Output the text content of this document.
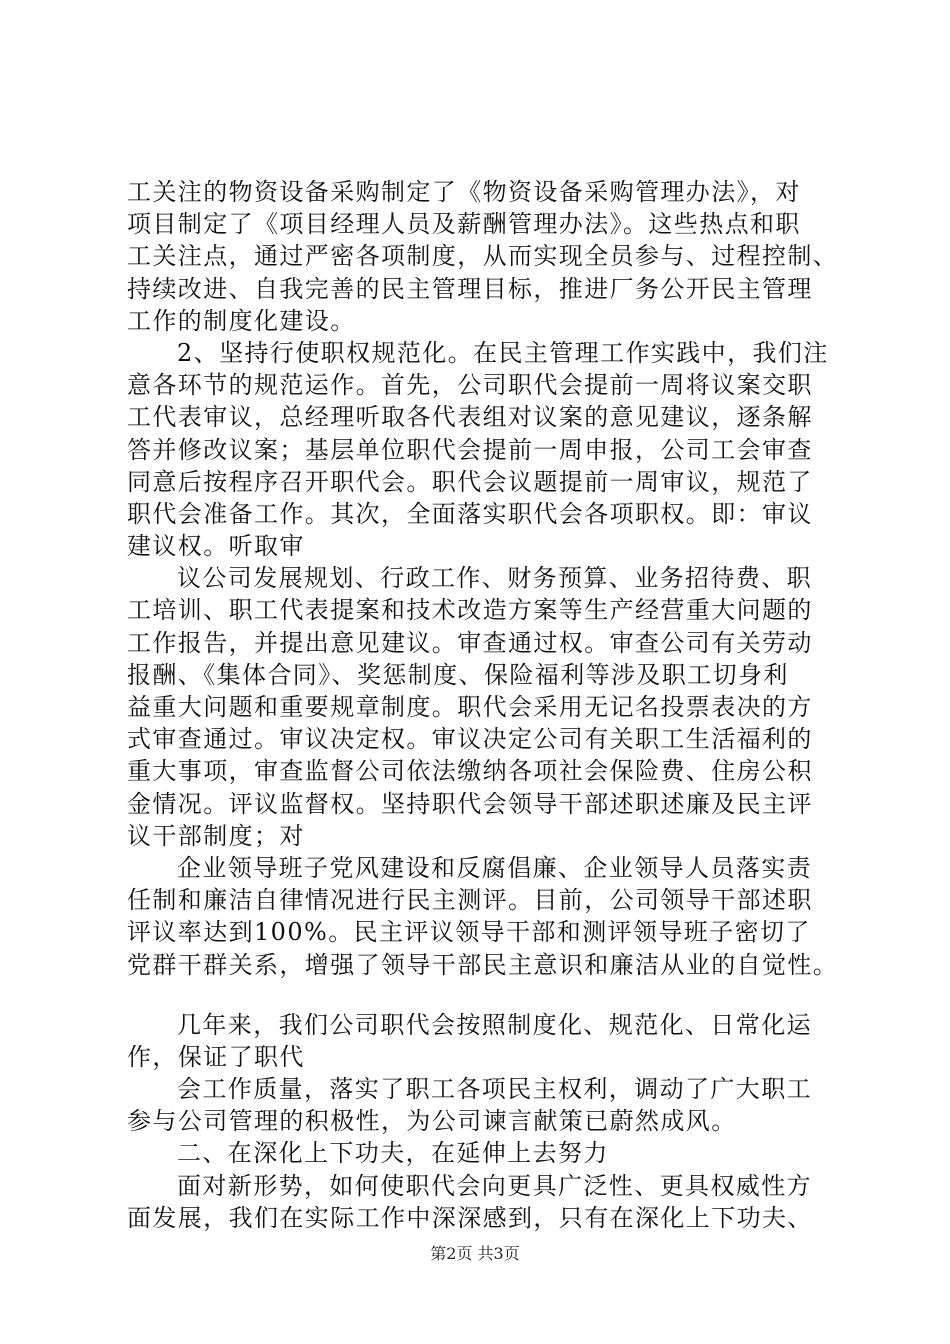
工关注的物资设备采购制定了《物资设备采购管理办法》，对
项目制定了《项目经理人员及薪酬管理办法》。这些热点和职
工关注点，通过严密各项制度，从而实现全员参与、过程控制、
持续改进、自我完善的民主管理目标，推进厂务公开民主管理
工作的制度化建设。
2、坚持行使职权规范化。在民主管理工作实践中，我们注
意各环节的规范运作。首先，公司职代会提前一周将议案交职
工代表审议，总经理听取各代表组对议案的意见建议，逐条解
答并修改议案；基层单位职代会提前一周申报，公司工会审查
同意后按程序召开职代会。职代会议题提前一周审议，规范了
职代会准备工作。其次，全面落实职代会各项职权。即：审议
建议权。听取审
议公司发展规划、行政工作、财务预算、业务招待费、职
工培训、职工代表提案和技术改造方案等生产经营重大问题的
工作报告，并提出意见建议。审查通过权。审查公司有关劳动
报酬、《集体合同》、奖惩制度、保险福利等涉及职工切身利
益重大问题和重要规章制度。职代会采用无记名投票表决的方
式审查通过。审议决定权。审议决定公司有关职工生活福利的
重大事项，审查监督公司依法缴纳各项社会保险费、住房公积
金情况。评议监督权。坚持职代会领导干部述职述廉及民主评
议干部制度；对
企业领导班子党风建设和反腐倡廉、企业领导人员落实责
任制和廉洁自律情况进行民主测评。目前，公司领导干部述职
评议率达到100%。民主评议领导干部和测评领导班子密切了
党群干群关系，增强了领导干部民主意识和廉洁从业的自觉性。
几年来，我们公司职代会按照制度化、规范化、日常化运
作，保证了职代
会工作质量，落实了职工各项民主权利，调动了广大职工
参与公司管理的积极性，为公司谏言献策已蔚然成风。
二、在深化上下功夫，在延伸上去努力
面对新形势，如何使职代会向更具广泛性、更具权威性方
面发展，我们在实际工作中深深感到，只有在深化上下功夫、
第2页 共3页
